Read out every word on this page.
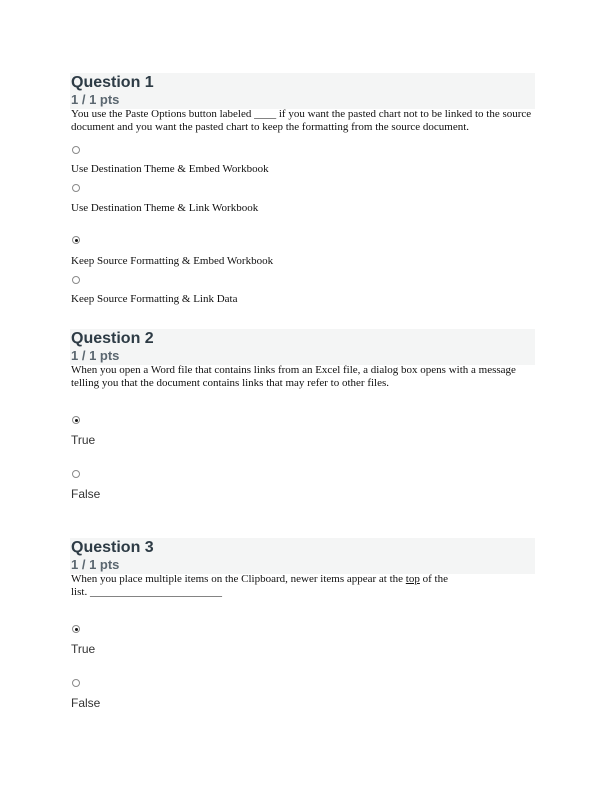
Question 1
1 / 1 pts
You use the Paste Options button labeled ____ if you want the pasted chart not to be linked to the source document and you want the pasted chart to keep the formatting from the source document.
Use Destination Theme & Embed Workbook
Use Destination Theme & Link Workbook
Keep Source Formatting & Embed Workbook
Keep Source Formatting & Link Data
Question 2
1 / 1 pts
When you open a Word file that contains links from an Excel file, a dialog box opens with a message telling you that the document contains links that may refer to other files.
True
False
Question 3
1 / 1 pts
When you place multiple items on the Clipboard, newer items appear at the top of the
list. ________________________
True
False
